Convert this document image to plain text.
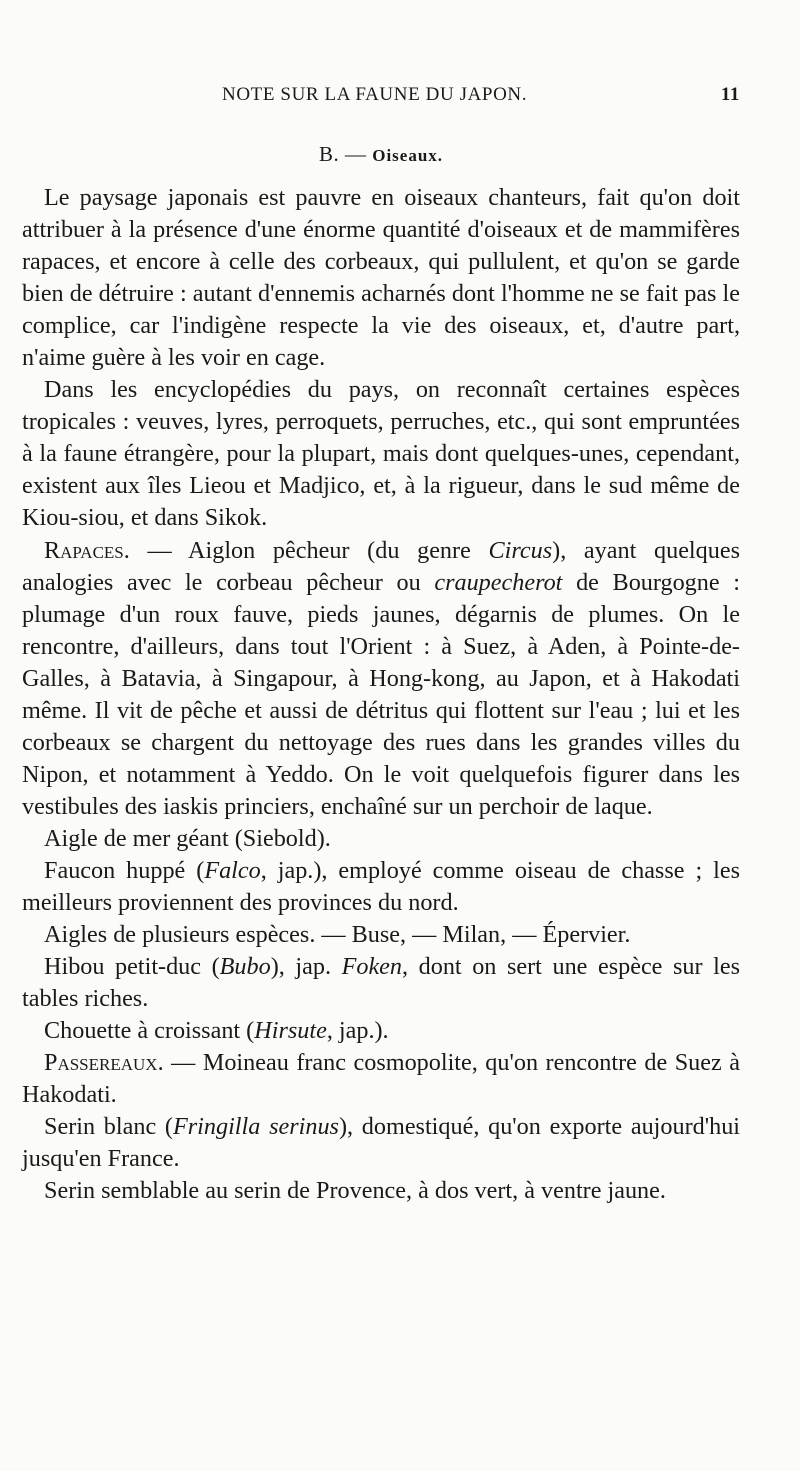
NOTE SUR LA FAUNE DU JAPON.	11
B. — Oiseaux.

Le paysage japonais est pauvre en oiseaux chanteurs, fait qu'on doit attribuer à la présence d'une énorme quantité d'oiseaux et de mammifères rapaces, et encore à celle des corbeaux, qui pullulent, et qu'on se garde bien de détruire : autant d'ennemis acharnés dont l'homme ne se fait pas le complice, car l'indigène respecte la vie des oiseaux, et, d'autre part, n'aime guère à les voir en cage.

Dans les encyclopédies du pays, on reconnaît certaines espèces tropicales : veuves, lyres, perroquets, perruches, etc., qui sont empruntées à la faune étrangère, pour la plupart, mais dont quelques-unes, cependant, existent aux îles Lieou et Madjico, et, à la rigueur, dans le sud même de Kiou-siou, et dans Sikok.

Rapaces. — Aiglon pêcheur (du genre Circus), ayant quelques analogies avec le corbeau pêcheur ou craupecherot de Bourgogne : plumage d'un roux fauve, pieds jaunes, dégarnis de plumes. On le rencontre, d'ailleurs, dans tout l'Orient : à Suez, à Aden, à Pointe-de-Galles, à Batavia, à Singapour, à Hong-kong, au Japon, et à Hakodati même. Il vit de pêche et aussi de détritus qui flottent sur l'eau ; lui et les corbeaux se chargent du nettoyage des rues dans les grandes villes du Nipon, et notamment à Yeddo. On le voit quelquefois figurer dans les vestibules des iaskis princiers, enchaîné sur un perchoir de laque.

Aigle de mer géant (Siebold).

Faucon huppé (Falco, jap.), employé comme oiseau de chasse ; les meilleurs proviennent des provinces du nord.

Aigles de plusieurs espèces. — Buse, — Milan, — Épervier.

Hibou petit-duc (Bubo), jap. Foken, dont on sert une espèce sur les tables riches.

Chouette à croissant (Hirsute, jap.).

Passereaux. — Moineau franc cosmopolite, qu'on rencontre de Suez à Hakodati.

Serin blanc (Fringilla serinus), domestiqué, qu'on exporte aujourd'hui jusqu'en France.

Serin semblable au serin de Provence, à dos vert, à ventre jaune.
